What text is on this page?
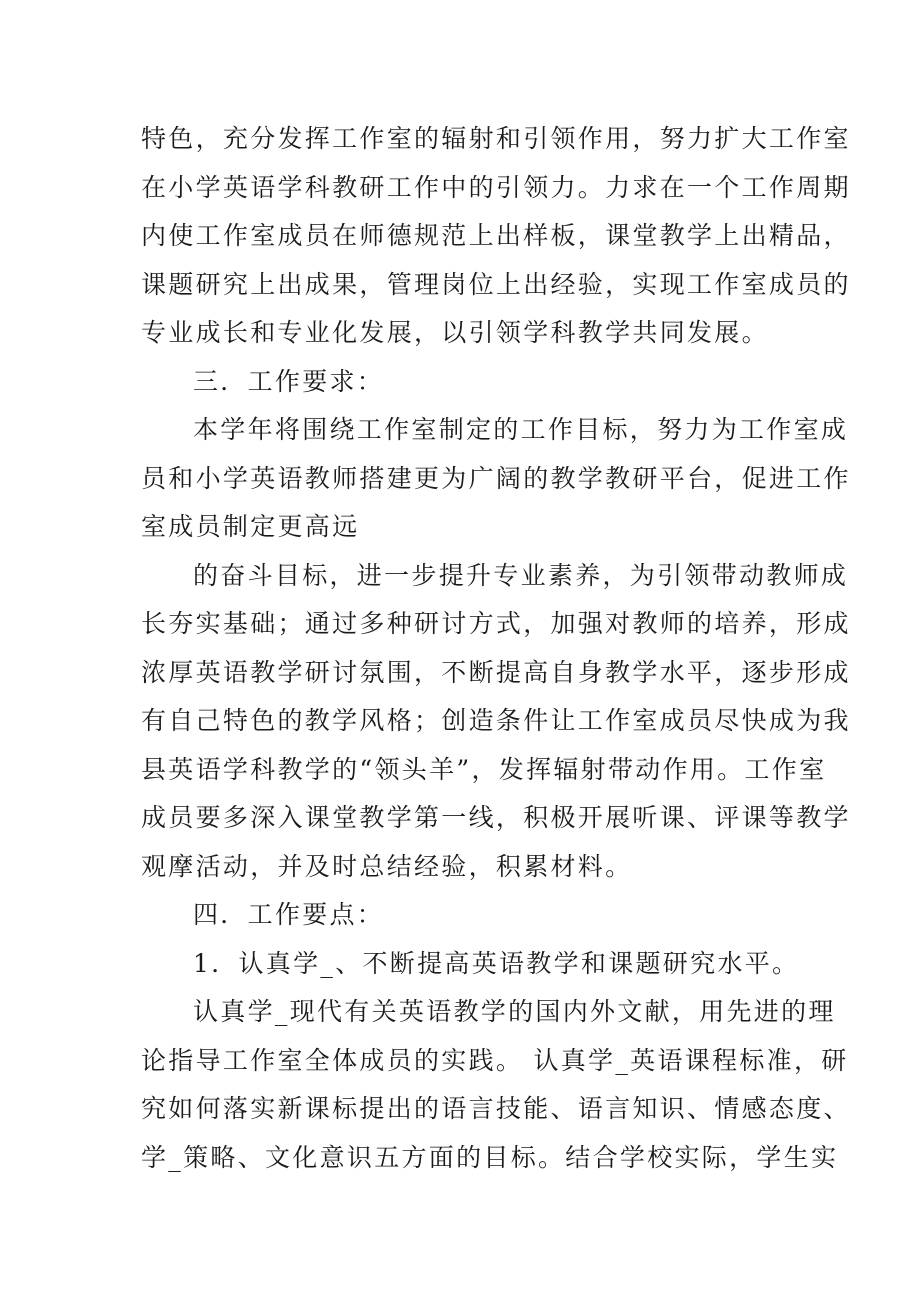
特色，充分发挥工作室的辐射和引领作用，努力扩大工作室
在小学英语学科教研工作中的引领力。力求在一个工作周期
内使工作室成员在师德规范上出样板，课堂教学上出精品，
课题研究上出成果，管理岗位上出经验，实现工作室成员的
专业成长和专业化发展，以引领学科教学共同发展。
三．工作要求：
本学年将围绕工作室制定的工作目标，努力为工作室成
员和小学英语教师搭建更为广阔的教学教研平台，促进工作
室成员制定更高远
的奋斗目标，进一步提升专业素养，为引领带动教师成
长夯实基础；通过多种研讨方式，加强对教师的培养，形成
浓厚英语教学研讨氛围，不断提高自身教学水平，逐步形成
有自己特色的教学风格；创造条件让工作室成员尽快成为我
县英语学科教学的“领头羊”，发挥辐射带动作用。工作室
成员要多深入课堂教学第一线，积极开展听课、评课等教学
观摩活动，并及时总结经验，积累材料。
四．工作要点：
1．认真学_、不断提高英语教学和课题研究水平。
认真学_现代有关英语教学的国内外文献，用先进的理
论指导工作室全体成员的实践。 认真学_英语课程标准，研
究如何落实新课标提出的语言技能、语言知识、情感态度、
学_策略、文化意识五方面的目标。结合学校实际，学生实
